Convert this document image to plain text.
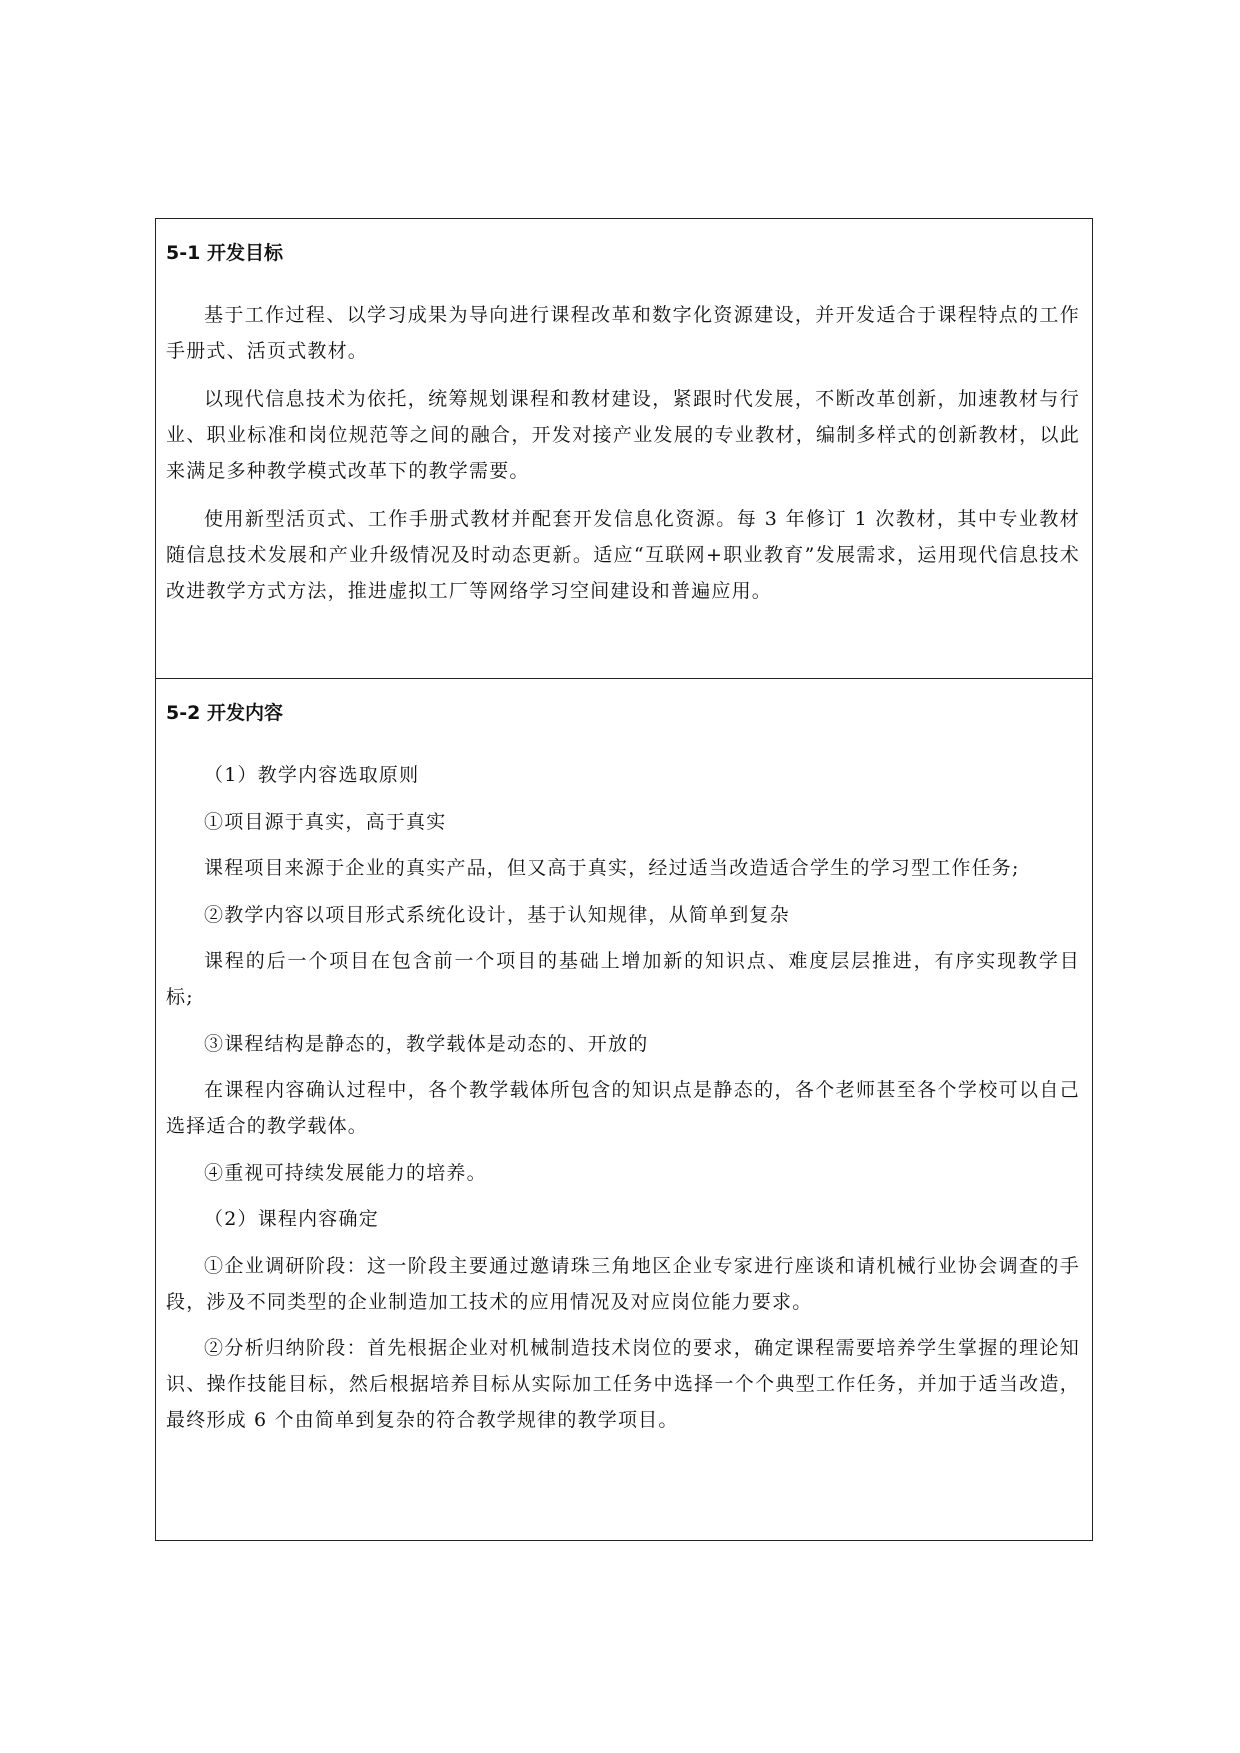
5-1 开发目标

基于工作过程、以学习成果为导向进行课程改革和数字化资源建设，并开发适合于课程特点的工作手册式、活页式教材。

以现代信息技术为依托，统筹规划课程和教材建设，紧跟时代发展，不断改革创新，加速教材与行业、职业标准和岗位规范等之间的融合，开发对接产业发展的专业教材，编制多样式的创新教材，以此来满足多种教学模式改革下的教学需要。

使用新型活页式、工作手册式教材并配套开发信息化资源。每 3 年修订 1 次教材，其中专业教材随信息技术发展和产业升级情况及时动态更新。适应“互联网+职业教育”发展需求，运用现代信息技术改进教学方式方法，推进虚拟工厂等网络学习空间建设和普遍应用。

5-2 开发内容

（1）教学内容选取原则

①项目源于真实，高于真实

课程项目来源于企业的真实产品，但又高于真实，经过适当改造适合学生的学习型工作任务;

②教学内容以项目形式系统化设计，基于认知规律，从简单到复杂

课程的后一个项目在包含前一个项目的基础上增加新的知识点、难度层层推进，有序实现教学目标;

③课程结构是静态的，教学载体是动态的、开放的

在课程内容确认过程中，各个教学载体所包含的知识点是静态的，各个老师甚至各个学校可以自己选择适合的教学载体。

④重视可持续发展能力的培养。

（2）课程内容确定

①企业调研阶段：这一阶段主要通过邀请珠三角地区企业专家进行座谈和请机械行业协会调查的手段，涉及不同类型的企业制造加工技术的应用情况及对应岗位能力要求。

②分析归纳阶段：首先根据企业对机械制造技术岗位的要求，确定课程需要培养学生掌握的理论知识、操作技能目标，然后根据培养目标从实际加工任务中选择一个个典型工作任务，并加于适当改造，最终形成 6 个由简单到复杂的符合教学规律的教学项目。
